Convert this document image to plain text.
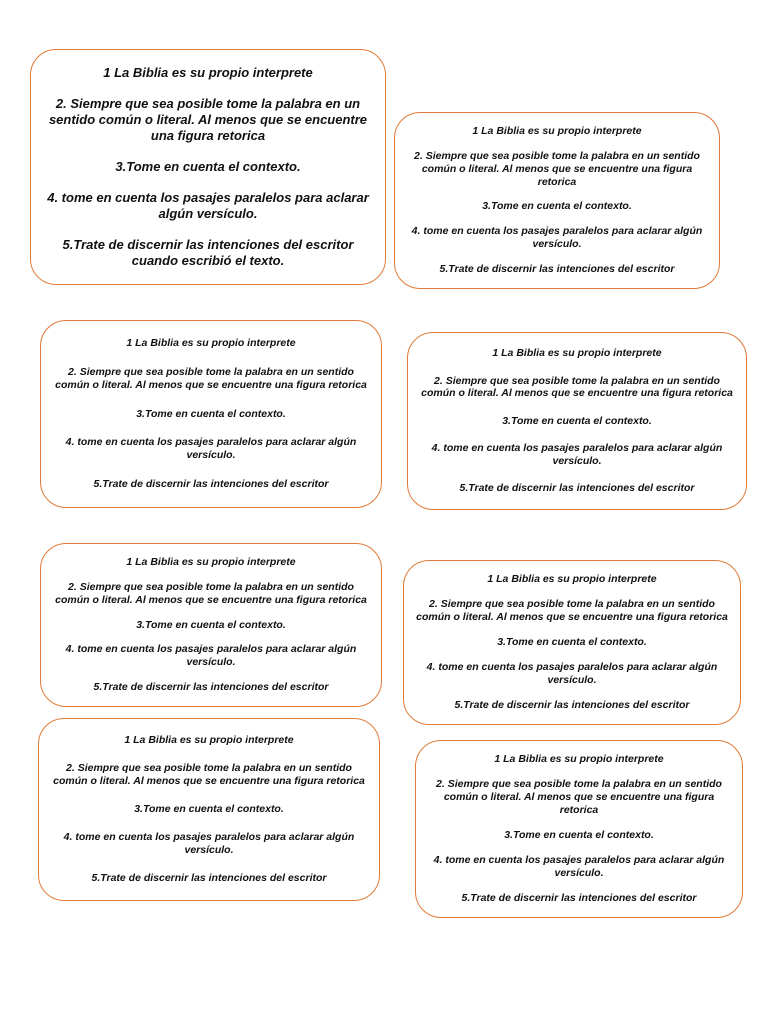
1 La Biblia es su propio interprete

2. Siempre que sea posible tome la palabra en un sentido común o literal. Al menos que se encuentre una figura retorica

3.Tome en cuenta el contexto.

4. tome en cuenta los pasajes paralelos para aclarar algún versículo.

5.Trate de discernir las intenciones del escritor cuando escribió el texto.

1 La Biblia es su propio interprete

2. Siempre que sea posible tome la palabra en un sentido común o literal. Al menos que se encuentre una figura retorica

3.Tome en cuenta el contexto.

4. tome en cuenta los pasajes paralelos para aclarar algún versículo.

5.Trate de discernir las intenciones del escritor

1 La Biblia es su propio interprete

2. Siempre que sea posible tome la palabra en un sentido común o literal. Al menos que se encuentre una figura retorica

3.Tome en cuenta el contexto.

4. tome en cuenta los pasajes paralelos para aclarar algún versículo.

5.Trate de discernir las intenciones del escritor

1 La Biblia es su propio interprete

2. Siempre que sea posible tome la palabra en un sentido común o literal. Al menos que se encuentre una figura retorica

3.Tome en cuenta el contexto.

4. tome en cuenta los pasajes paralelos para aclarar algún versículo.

5.Trate de discernir las intenciones del escritor

1 La Biblia es su propio interprete

2. Siempre que sea posible tome la palabra en un sentido común o literal. Al menos que se encuentre una figura retorica

3.Tome en cuenta el contexto.

4. tome en cuenta los pasajes paralelos para aclarar algún versículo.

5.Trate de discernir las intenciones del escritor

1 La Biblia es su propio interprete

2. Siempre que sea posible tome la palabra en un sentido común o literal. Al menos que se encuentre una figura retorica

3.Tome en cuenta el contexto.

4. tome en cuenta los pasajes paralelos para aclarar algún versículo.

5.Trate de discernir las intenciones del escritor

1 La Biblia es su propio interprete

2. Siempre que sea posible tome la palabra en un sentido común o literal. Al menos que se encuentre una figura retorica

3.Tome en cuenta el contexto.

4. tome en cuenta los pasajes paralelos para aclarar algún versículo.

5.Trate de discernir las intenciones del escritor

1 La Biblia es su propio interprete

2. Siempre que sea posible tome la palabra en un sentido común o literal. Al menos que se encuentre una figura retorica

3.Tome en cuenta el contexto.

4. tome en cuenta los pasajes paralelos para aclarar algún versículo.

5.Trate de discernir las intenciones del escritor
